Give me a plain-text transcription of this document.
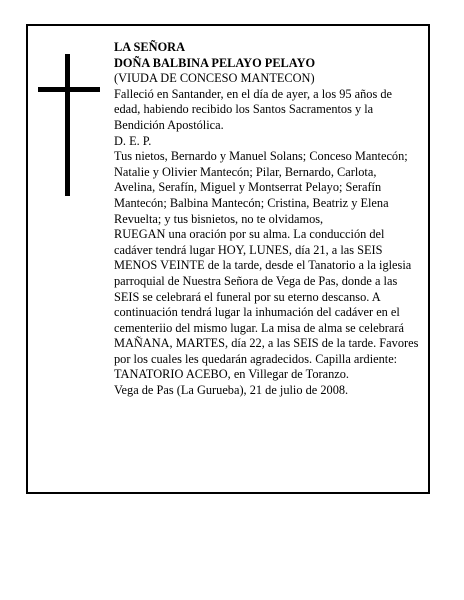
LA SEÑORA

DOÑA BALBINA PELAYO PELAYO

(VIUDA DE CONCESO MANTECON)

Falleció en Santander, en el día de ayer, a los 95 años de edad, habiendo recibido los Santos Sacramentos y la Bendición Apostólica.

D. E. P.

Tus nietos, Bernardo y Manuel Solans; Conceso Mantecón; Natalie y Olivier Mantecón; Pilar, Bernardo, Carlota, Avelina, Serafín, Miguel y Montserrat Pelayo; Serafín Mantecón; Balbina Mantecón; Cristina, Beatriz y Elena Revuelta; y tus bisnietos, no te olvidamos,

RUEGAN una oración por su alma. La conducción del cadáver tendrá lugar HOY, LUNES, día 21, a las SEIS MENOS VEINTE de la tarde, desde el Tanatorio a la iglesia parroquial de Nuestra Señora de Vega de Pas, donde a las SEIS se celebrará el funeral por su eterno descanso. A continuación tendrá lugar la inhumación del cadáver en el cementeriio del mismo lugar. La misa de alma se celebrará MAÑANA, MARTES, día 22, a las SEIS de la tarde. Favores por los cuales les quedarán agradecidos. Capilla ardiente: TANATORIO ACEBO, en Villegar de Toranzo.

Vega de Pas (La Gurueba), 21 de julio de 2008.
